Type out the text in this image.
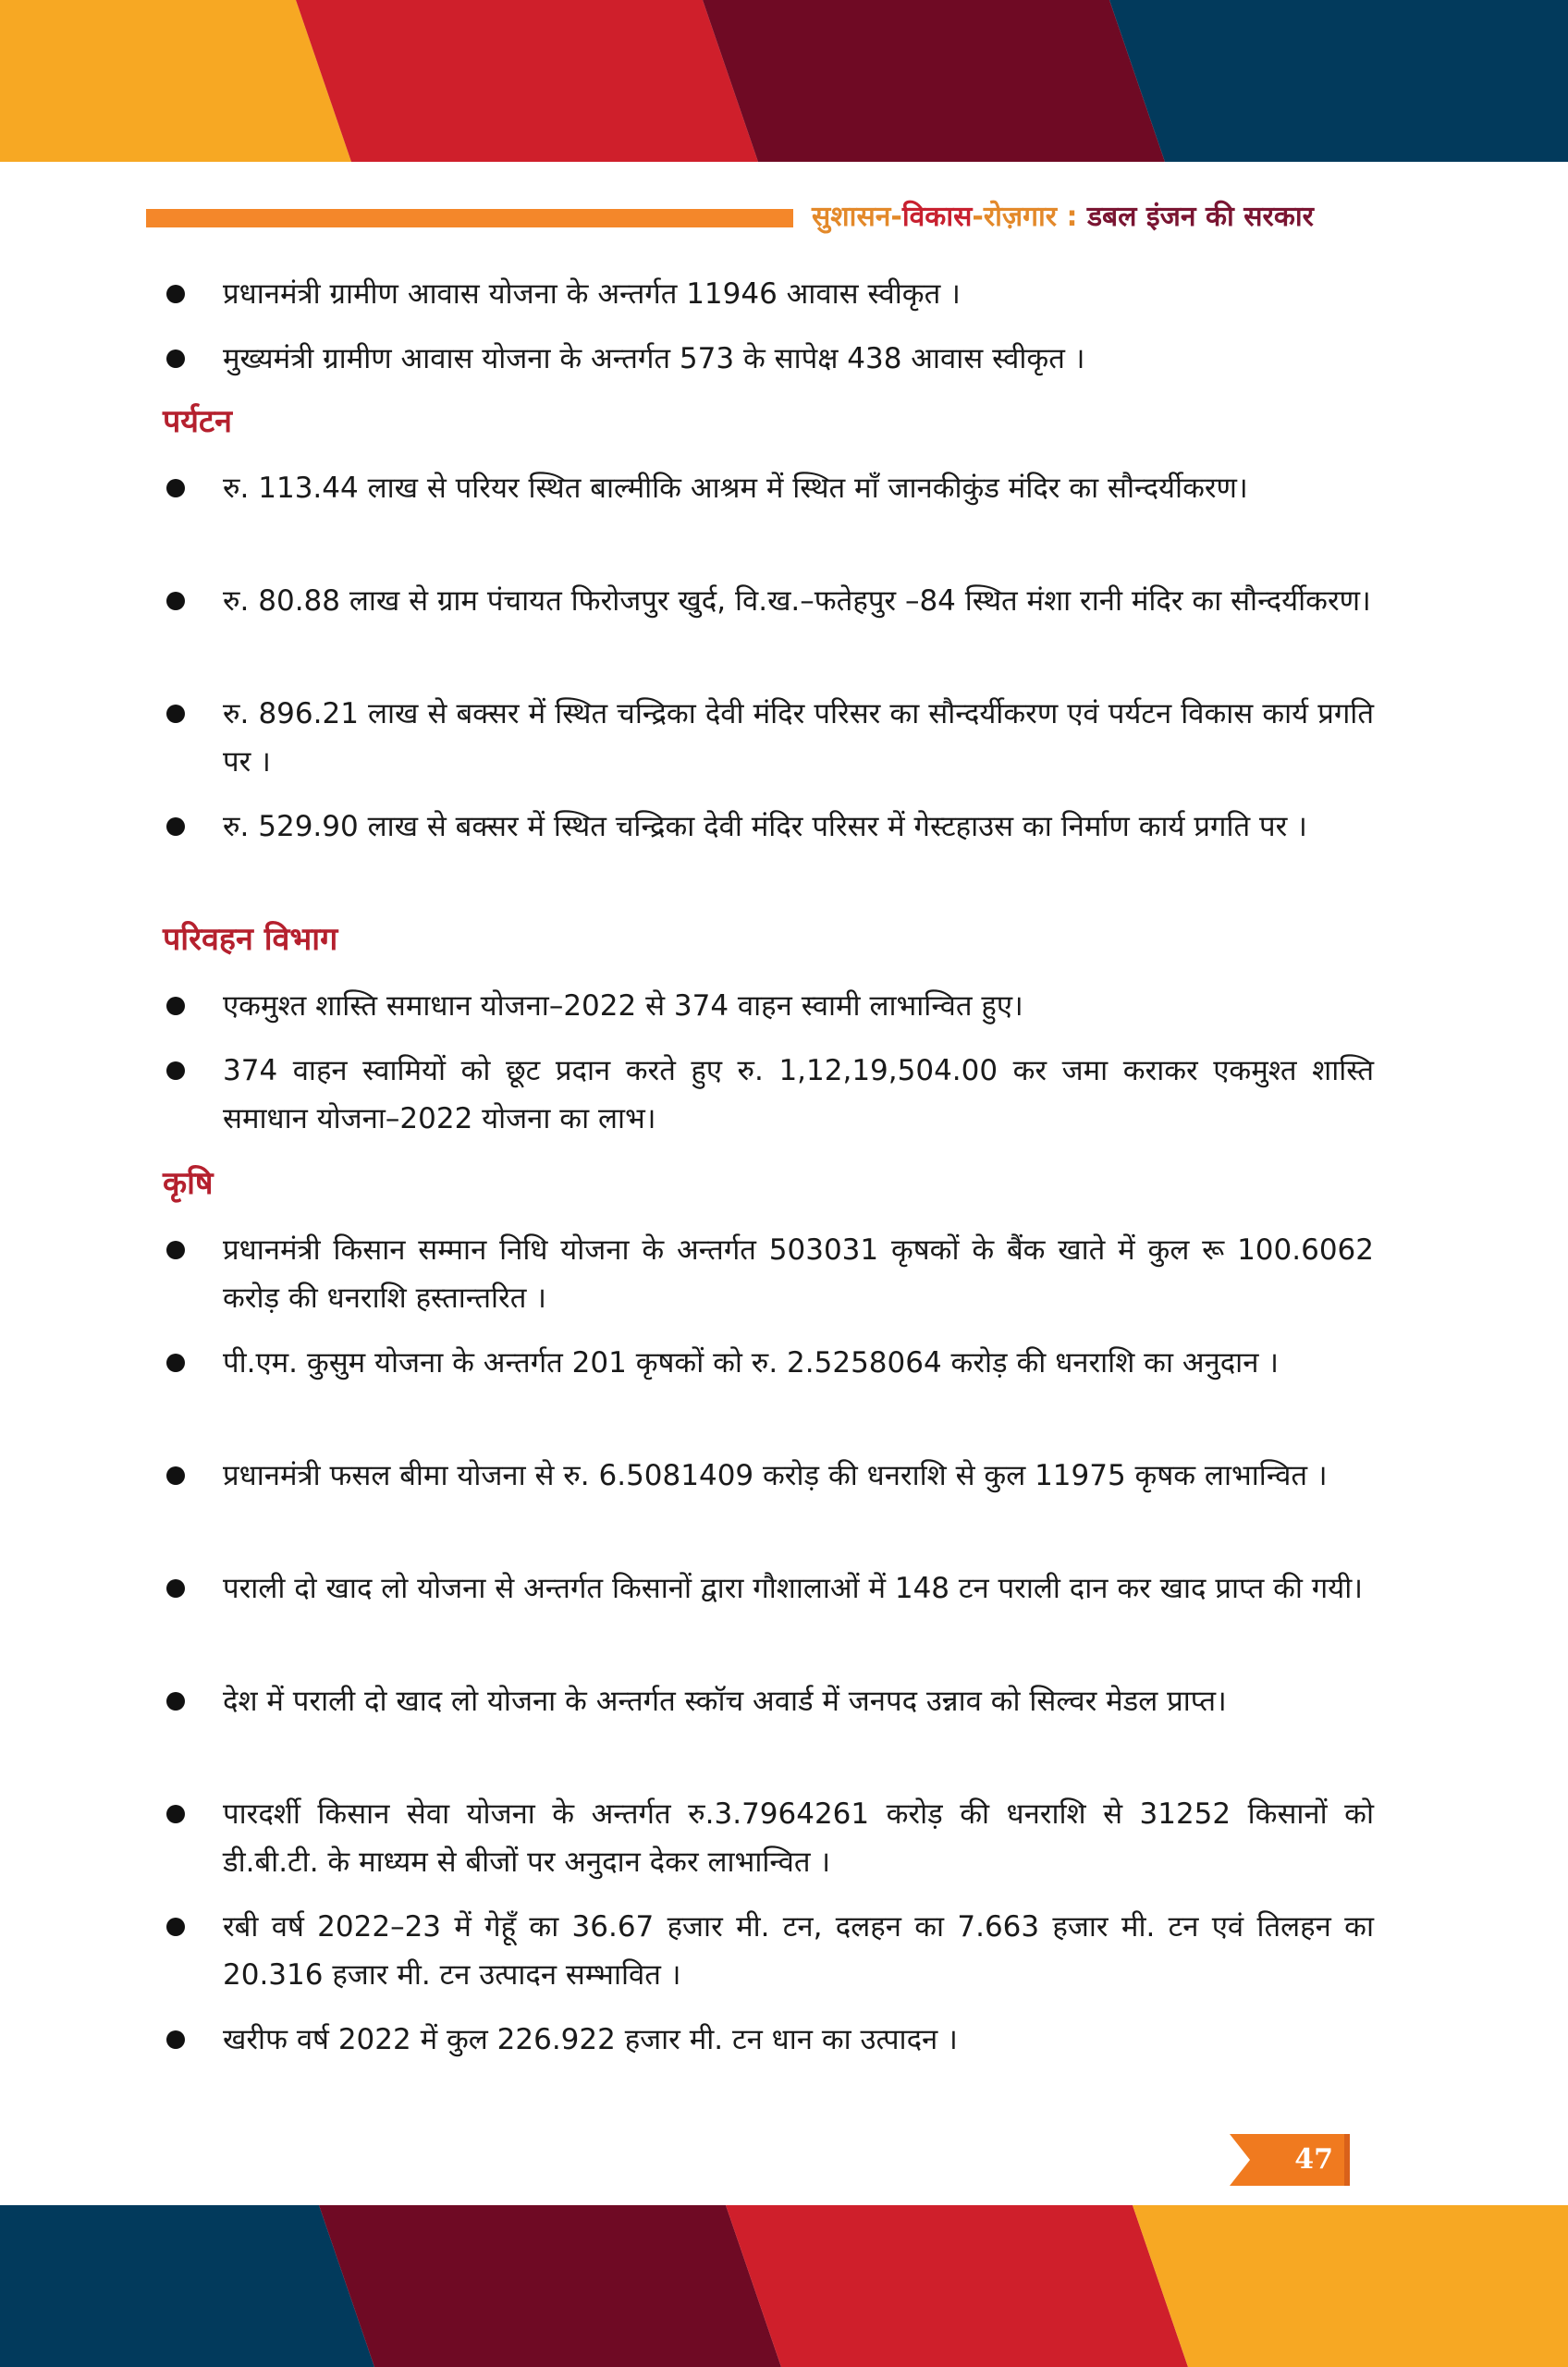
सुशासन-विकास-रोज़गार : डबल इंजन की सरकार
प्रधानमंत्री ग्रामीण आवास योजना के अन्तर्गत 11946 आवास स्वीकृत ।
मुख्यमंत्री ग्रामीण आवास योजना के अन्तर्गत 573 के सापेक्ष 438 आवास स्वीकृत ।
पर्यटन
रु. 113.44 लाख से परियर स्थित बाल्मीकि आश्रम में स्थित माँ जानकीकुंड मंदिर का सौन्दर्यीकरण।
रु. 80.88 लाख से ग्राम पंचायत फिरोजपुर खुर्द, वि.ख.–फतेहपुर –84 स्थित मंशा रानी मंदिर का सौन्दर्यीकरण।
रु. 896.21 लाख से बक्सर में स्थित चन्द्रिका देवी मंदिर परिसर का सौन्दर्यीकरण एवं पर्यटन विकास कार्य प्रगति पर ।
रु. 529.90 लाख से बक्सर में स्थित चन्द्रिका देवी मंदिर परिसर में गेस्टहाउस का निर्माण कार्य प्रगति पर ।
परिवहन विभाग
एकमुश्त शास्ति समाधान योजना–2022 से 374 वाहन स्वामी लाभान्वित हुए।
374 वाहन स्वामियों को छूट प्रदान करते हुए रु. 1,12,19,504.00 कर जमा कराकर एकमुश्त शास्ति समाधान योजना–2022 योजना का लाभ।
कृषि
प्रधानमंत्री किसान सम्मान निधि योजना के अन्तर्गत 503031 कृषकों के बैंक खाते में कुल रू 100.6062 करोड़ की धनराशि हस्तान्तरित ।
पी.एम. कुसुम योजना के अन्तर्गत 201 कृषकों को रु. 2.5258064 करोड़ की धनराशि का अनुदान ।
प्रधानमंत्री फसल बीमा योजना से रु. 6.5081409 करोड़ की धनराशि से कुल 11975 कृषक लाभान्वित ।
पराली दो खाद लो योजना से अन्तर्गत किसानों द्वारा गौशालाओं में 148 टन पराली दान कर खाद प्राप्त की गयी।
देश में पराली दो खाद लो योजना के अन्तर्गत स्कॉच अवार्ड में जनपद उन्नाव को सिल्वर मेडल प्राप्त।
पारदर्शी किसान सेवा योजना के अन्तर्गत रु.3.7964261 करोड़ की धनराशि से 31252 किसानों को डी.बी.टी. के माध्यम से बीजों पर अनुदान देकर लाभान्वित ।
रबी वर्ष 2022–23 में गेहूँ का 36.67 हजार मी. टन, दलहन का 7.663 हजार मी. टन एवं तिलहन का 20.316 हजार मी. टन उत्पादन सम्भावित ।
खरीफ वर्ष 2022 में कुल 226.922 हजार मी. टन धान का उत्पादन ।
47
